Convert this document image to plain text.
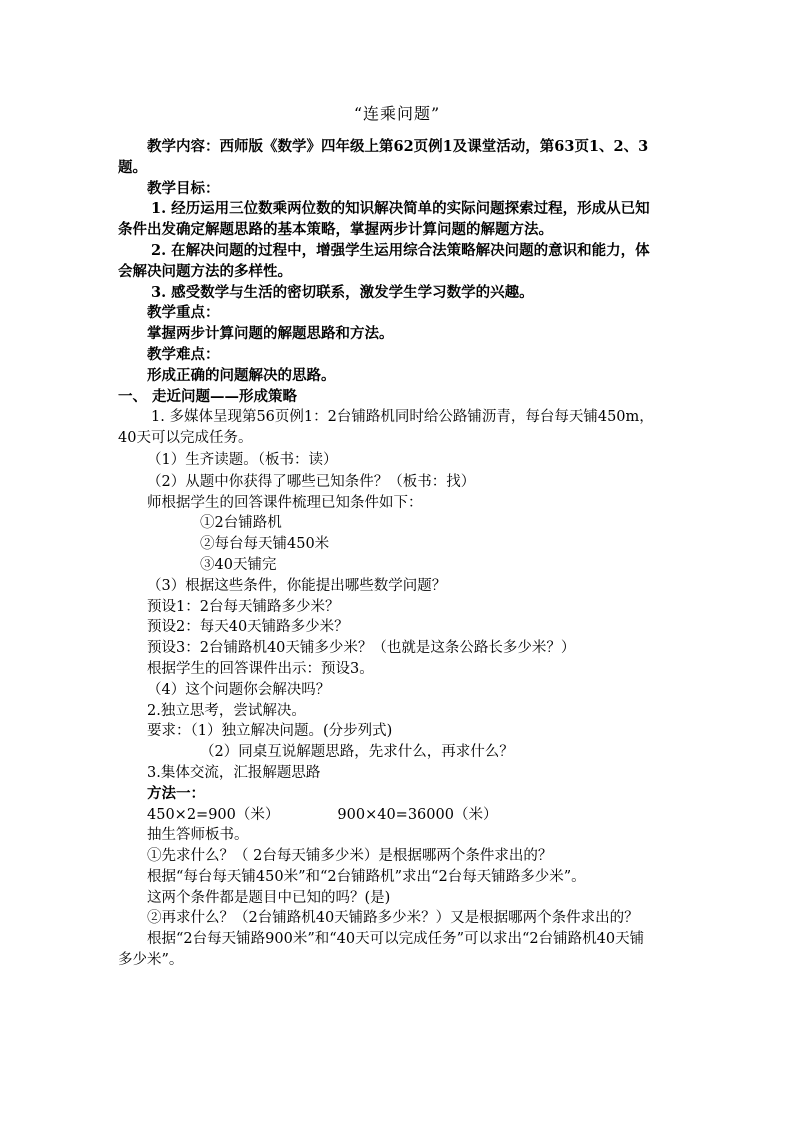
“连乘问题”

教学内容：西师版《数学》四年级上第62页例1及课堂活动，第63页1、2、3题。

教学目标：

1. 经历运用三位数乘两位数的知识解决简单的实际问题探索过程，形成从已知条件出发确定解题思路的基本策略，掌握两步计算问题的解题方法。

2. 在解决问题的过程中，增强学生运用综合法策略解决问题的意识和能力，体会解决问题方法的多样性。

3. 感受数学与生活的密切联系，激发学生学习数学的兴趣。

教学重点：

掌握两步计算问题的解题思路和方法。

教学难点：

形成正确的问题解决的思路。

一、 走近问题——形成策略

1. 多媒体呈现第56页例1：2台铺路机同时给公路铺沥青，每台每天铺450m，40天可以完成任务。

（1）生齐读题。（板书：读）

（2）从题中你获得了哪些已知条件？（板书：找）

师根据学生的回答课件梳理已知条件如下：

①2台铺路机

②每台每天铺450米

③40天铺完

（3）根据这些条件，你能提出哪些数学问题？

预设1：2台每天铺路多少米？

预设2：每天40天铺路多少米？

预设3：2台铺路机40天铺多少米？（也就是这条公路长多少米？）

根据学生的回答课件出示：预设3。

（4）这个问题你会解决吗？

2.独立思考，尝试解决。

要求：（1）独立解决问题。(分步列式)

（2）同桌互说解题思路，先求什么，再求什么？

3.集体交流，汇报解题思路

方法一：

450×2=900（米）	900×40=36000（米）

抽生答师板书。

①先求什么？（ 2台每天铺多少米）是根据哪两个条件求出的？

根据“每台每天铺450米”和“2台铺路机”求出“2台每天铺路多少米”。

这两个条件都是题目中已知的吗？(是)

②再求什么？（2台铺路机40天铺路多少米？）又是根据哪两个条件求出的？

根据“2台每天铺路900米”和“40天可以完成任务”可以求出“2台铺路机40天铺多少米”。
